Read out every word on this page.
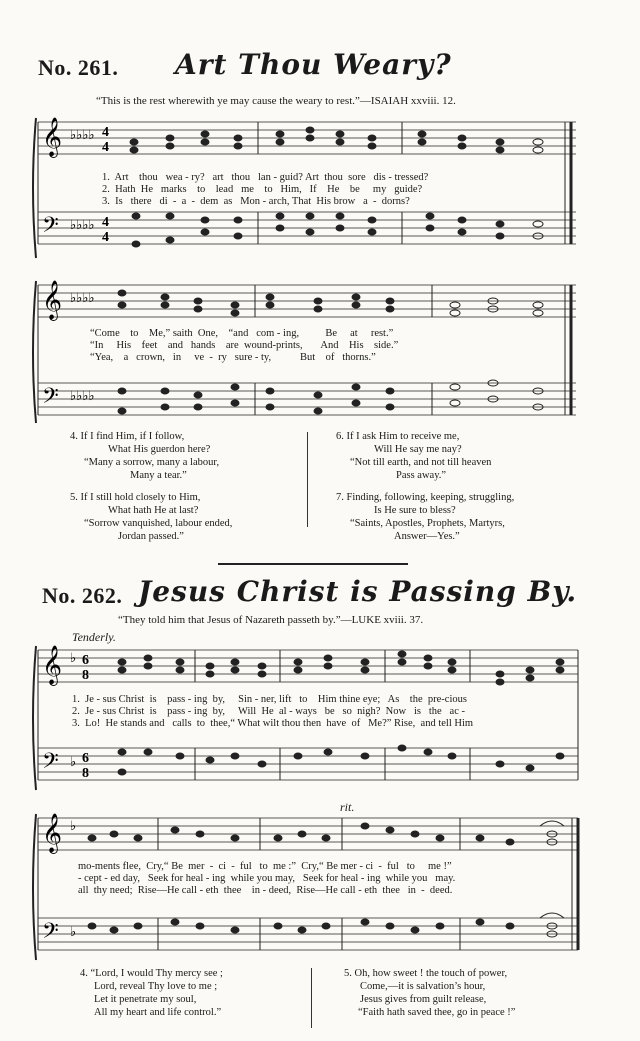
No. 261. Art Thou Weary?
“This is the rest wherewith ye may cause the weary to rest.”—ISAIAH xxviii. 12.
𝄞
𝄢
♭♭♭♭
♭♭♭♭
4
4
4
4
1.  Art    thou   wea - ry?   art   thou   lan - guid? Art  thou  sore   dis - tressed?
2.  Hath  He   marks    to    lead   me    to   Him,   If    He    be     my   guide?
3.  Is   there   di  -  a  -  dem  as   Mon - arch, That  His brow   a  -  dorns?
𝄞
𝄢
♭♭♭♭
♭♭♭♭
“Come    to    Me,” saith  One,    “and   com - ing,          Be     at     rest.”
“In     His    feet    and   hands    are  wound-prints,       And    His    side.”
“Yea,    a   crown,   in     ve  -  ry   sure - ty,           But    of   thorns.”
4. If I find Him, if I follow,
What His guerdon here?
“Many a sorrow, many a labour,
Many a tear.”
5. If I still hold closely to Him,
What hath He at last?
“Sorrow vanquished, labour ended,
Jordan passed.”
6. If I ask Him to receive me,
Will He say me nay?
“Not till earth, and not till heaven
Pass away.”
7. Finding, following, keeping, struggling,
Is He sure to bless?
“Saints, Apostles, Prophets, Martyrs,
Answer—Yes.”
No. 262. Jesus Christ is Passing By.
“They told him that Jesus of Nazareth passeth by.”—LUKE xviii. 37.
Tenderly.
𝄞
𝄢
♭
♭
6
8
6
8
1.  Je - sus Christ  is    pass - ing  by,     Sin - ner, lift   to    Him thine eye;   As    the  pre-cious
2.  Je - sus Christ  is    pass - ing  by,     Will  He  al - ways   be   so  nigh?  Now   is   the   ac -
3.  Lo!  He stands and   calls  to  thee,“ What wilt thou then  have  of   Me?” Rise,  and tell Him
rit.
𝄞
𝄢
♭
♭
mo-ments flee,  Cry,“ Be  mer  -  ci  -  ful   to  me :”  Cry,“ Be mer - ci  -  ful   to     me !”
- cept - ed day,   Seek for heal - ing  while you may,   Seek for heal - ing  while you   may.
all  thy need;  Rise—He call - eth  thee    in - deed,  Rise—He call - eth  thee   in  -  deed.
4. “Lord, I would Thy mercy see ;
Lord, reveal Thy love to me ;
Let it penetrate my soul,
All my heart and life control.”
5. Oh, how sweet ! the touch of power,
Come,—it is salvation’s hour,
Jesus gives from guilt release,
“Faith hath saved thee, go in peace !”
